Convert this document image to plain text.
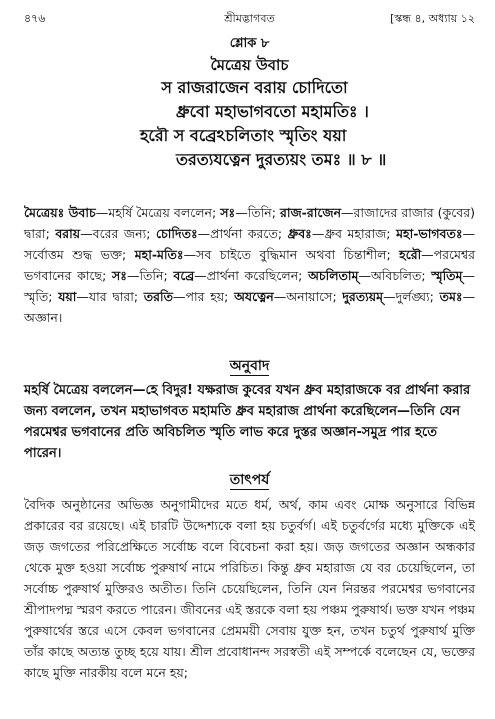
৪৭৬	শ্রীমদ্ভাগবত	[স্কন্ধ ৪, অধ্যায় ১২
শ্লোক ৮
মৈত্রেয় উবাচ
স রাজরাজেন বরায় চোদিতো
ধ্রুবো মহাভাগবতো মহামতিঃ ।
হরৌ স বব্রেঽচলিতাং স্মৃতিং যয়া
তরত্যযত্নেন দুরত্যয়ং তমঃ ॥ ৮ ॥
মৈত্রেয়ঃ উবাচ—মহর্ষি মৈত্রেয় বললেন; সঃ—তিনি; রাজ-রাজেন—রাজাদের রাজার (কুবের) দ্বারা; বরায়—বরের জন্য; চোদিতঃ—প্রার্থনা করতে; ধ্রুবঃ—ধ্রুব মহারাজ; মহা-ভাগবতঃ—সর্বোত্তম শুদ্ধ ভক্ত; মহা-মতিঃ—সব চাইতে বুদ্ধিমান অথবা চিন্তাশীল; হরৌ—পরমেশ্বর ভগবানের কাছে; সঃ—তিনি; বব্রে—প্রার্থনা করেছিলেন; অচলিতাম্—অবিচলিত; স্মৃতিম্—স্মৃতি; যয়া—যার দ্বারা; তরতি—পার হয়; অযত্নেন—অনায়াসে; দুরত্যয়ম্—দুর্লঙ্ঘ্য; তমঃ—অজ্ঞান।
অনুবাদ
মহর্ষি মৈত্রেয় বললেন—হে বিদুর! যক্ষরাজ কুবের যখন ধ্রুব মহারাজকে বর প্রার্থনা করার জন্য বললেন, তখন মহাভাগবত মহামতি ধ্রুব মহারাজ প্রার্থনা করেছিলেন—তিনি যেন পরমেশ্বর ভগবানের প্রতি অবিচলিত স্মৃতি লাভ করে দুস্তর অজ্ঞান-সমুদ্র পার হতে পারেন।
তাৎপর্য
বৈদিক অনুষ্ঠানের অভিজ্ঞ অনুগামীদের মতে ধর্ম, অর্থ, কাম এবং মোক্ষ অনুসারে বিভিন্ন প্রকারের বর রয়েছে। এই চারটি উদ্দেশ্যকে বলা হয় চতুর্বর্গ। এই চতুর্বর্গের মধ্যে মুক্তিকে এই জড় জগতের পরিপ্রেক্ষিতে সর্বোচ্চ বলে বিবেচনা করা হয়। জড় জগতের অজ্ঞান অন্ধকার থেকে মুক্ত হওয়া সর্বোচ্চ পুরুষার্থ নামে পরিচিত। কিন্তু ধ্রুব মহারাজ যে বর চেয়েছিলেন, তা সর্বোচ্চ পুরুষার্থ মুক্তিরও অতীত। তিনি চেয়েছিলেন, তিনি যেন নিরন্তর পরমেশ্বর ভগবানের শ্রীপাদপদ্ম স্মরণ করতে পারেন। জীবনের এই স্তরকে বলা হয় পঞ্চম পুরুষার্থ। ভক্ত যখন পঞ্চম পুরুষার্থের স্তরে এসে কেবল ভগবানের প্রেমময়ী সেবায় যুক্ত হন, তখন চতুর্থ পুরুষার্থ মুক্তি তাঁর কাছে অত্যন্ত তুচ্ছ হয়ে যায়। শ্রীল প্রবোধানন্দ সরস্বতী এই সম্পর্কে বলেছেন যে, ভক্তের কাছে মুক্তি নারকীয় বলে মনে হয়;
